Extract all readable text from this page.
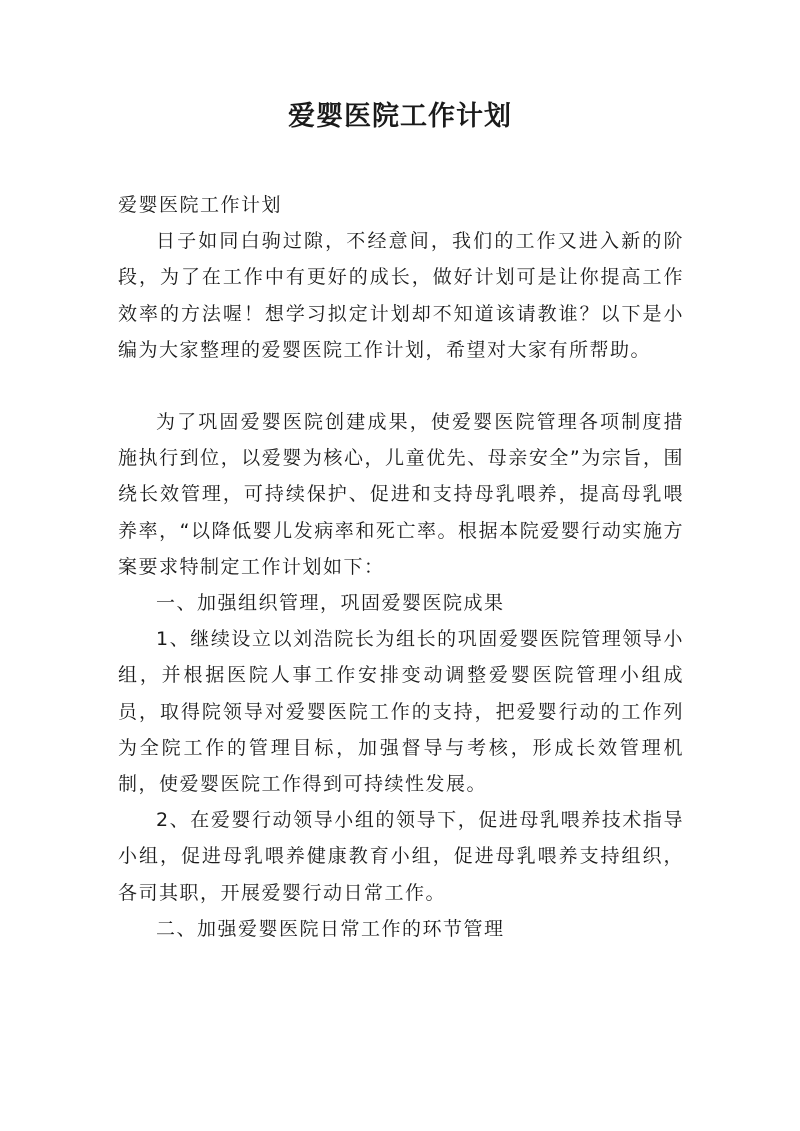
爱婴医院工作计划

爱婴医院工作计划

日子如同白驹过隙，不经意间，我们的工作又进入新的阶段，为了在工作中有更好的成长，做好计划可是让你提高工作效率的方法喔！想学习拟定计划却不知道该请教谁？以下是小编为大家整理的爱婴医院工作计划，希望对大家有所帮助。

为了巩固爱婴医院创建成果，使爱婴医院管理各项制度措施执行到位，以爱婴为核心，儿童优先、母亲安全”为宗旨，围绕长效管理，可持续保护、促进和支持母乳喂养，提高母乳喂养率，“以降低婴儿发病率和死亡率。根据本院爱婴行动实施方案要求特制定工作计划如下：

一、加强组织管理，巩固爱婴医院成果

1、继续设立以刘浩院长为组长的巩固爱婴医院管理领导小组，并根据医院人事工作安排变动调整爱婴医院管理小组成员，取得院领导对爱婴医院工作的支持，把爱婴行动的工作列为全院工作的管理目标，加强督导与考核，形成长效管理机制，使爱婴医院工作得到可持续性发展。

2、在爱婴行动领导小组的领导下，促进母乳喂养技术指导小组，促进母乳喂养健康教育小组，促进母乳喂养支持组织，各司其职，开展爱婴行动日常工作。

二、加强爱婴医院日常工作的环节管理
